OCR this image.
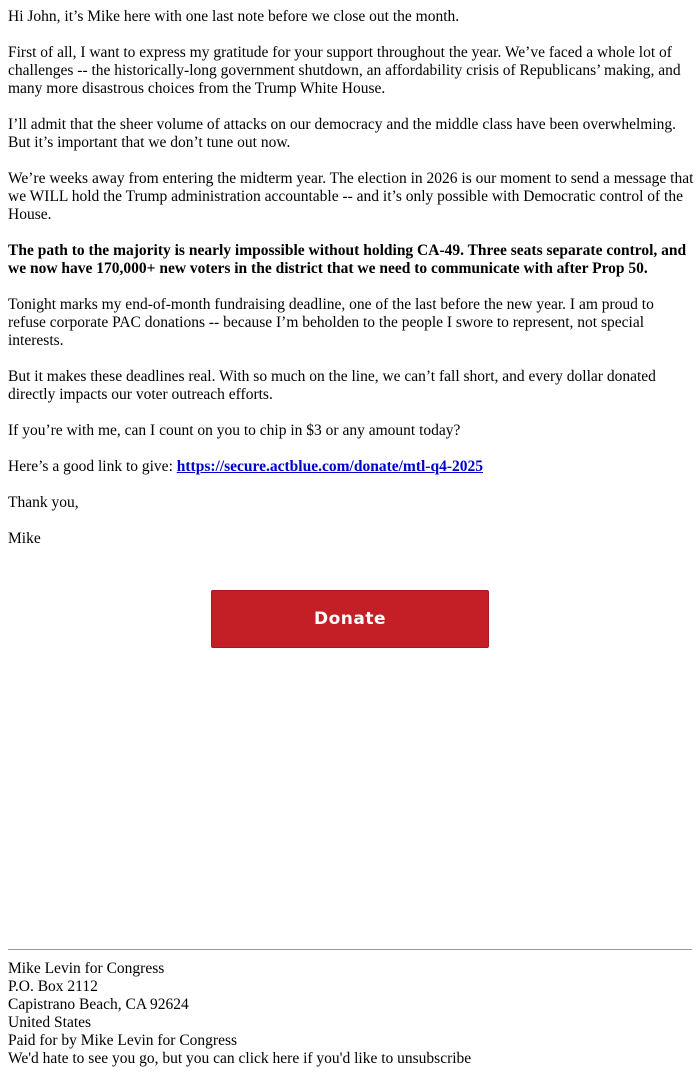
Hi John, it’s Mike here with one last note before we close out the month.

First of all, I want to express my gratitude for your support throughout the year. We’ve faced a whole lot of challenges -- the historically-long government shutdown, an affordability crisis of Republicans’ making, and many more disastrous choices from the Trump White House.

I’ll admit that the sheer volume of attacks on our democracy and the middle class have been overwhelming. But it’s important that we don’t tune out now.

We’re weeks away from entering the midterm year. The election in 2026 is our moment to send a message that we WILL hold the Trump administration accountable -- and it’s only possible with Democratic control of the House.

The path to the majority is nearly impossible without holding CA-49. Three seats separate control, and we now have 170,000+ new voters in the district that we need to communicate with after Prop 50.

Tonight marks my end-of-month fundraising deadline, one of the last before the new year. I am proud to refuse corporate PAC donations -- because I’m beholden to the people I swore to represent, not special interests.

But it makes these deadlines real. With so much on the line, we can’t fall short, and every dollar donated directly impacts our voter outreach efforts.

If you’re with me, can I count on you to chip in $3 or any amount today?

Here’s a good link to give: https://secure.actblue.com/donate/mtl-q4-2025

Thank you,

Mike

Donate
Mike Levin for Congress
P.O. Box 2112
Capistrano Beach, CA 92624
United States
Paid for by Mike Levin for Congress
We'd hate to see you go, but you can click here if you'd like to unsubscribe
